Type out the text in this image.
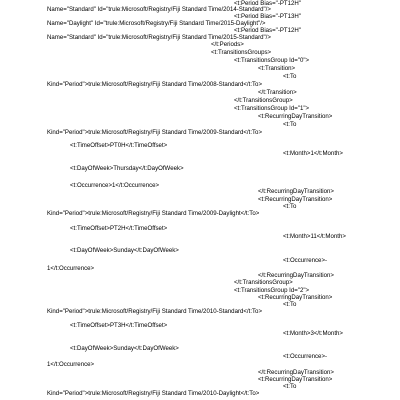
<t:Period Bias="-PT12H"
Name="Standard" Id="trule:Microsoft/Registry/Fiji Standard Time/2014-Standard"/>
<t:Period Bias="-PT13H"
Name="Daylight" Id="trule:Microsoft/Registry/Fiji Standard Time/2015-Daylight"/>
<t:Period Bias="-PT12H"
Name="Standard" Id="trule:Microsoft/Registry/Fiji Standard Time/2015-Standard"/>
</t:Periods>
<t:TransitionsGroups>
<t:TransitionsGroup Id="0">
<t:Transition>
<t:To
Kind="Period">trule:Microsoft/Registry/Fiji Standard Time/2008-Standard</t:To>
</t:Transition>
</t:TransitionsGroup>
<t:TransitionsGroup Id="1">
<t:RecurringDayTransition>
<t:To
Kind="Period">trule:Microsoft/Registry/Fiji Standard Time/2009-Standard</t:To>
<t:TimeOffset>PT0H</t:TimeOffset>
<t:Month>1</t:Month>
<t:DayOfWeek>Thursday</t:DayOfWeek>
<t:Occurrence>1</t:Occurrence>
</t:RecurringDayTransition>
<t:RecurringDayTransition>
<t:To
Kind="Period">trule:Microsoft/Registry/Fiji Standard Time/2009-Daylight</t:To>
<t:TimeOffset>PT2H</t:TimeOffset>
<t:Month>11</t:Month>
<t:DayOfWeek>Sunday</t:DayOfWeek>
<t:Occurrence>-
1</t:Occurrence>
</t:RecurringDayTransition>
</t:TransitionsGroup>
<t:TransitionsGroup Id="2">
<t:RecurringDayTransition>
<t:To
Kind="Period">trule:Microsoft/Registry/Fiji Standard Time/2010-Standard</t:To>
<t:TimeOffset>PT3H</t:TimeOffset>
<t:Month>3</t:Month>
<t:DayOfWeek>Sunday</t:DayOfWeek>
<t:Occurrence>-
1</t:Occurrence>
</t:RecurringDayTransition>
<t:RecurringDayTransition>
<t:To
Kind="Period">trule:Microsoft/Registry/Fiji Standard Time/2010-Daylight</t:To>
